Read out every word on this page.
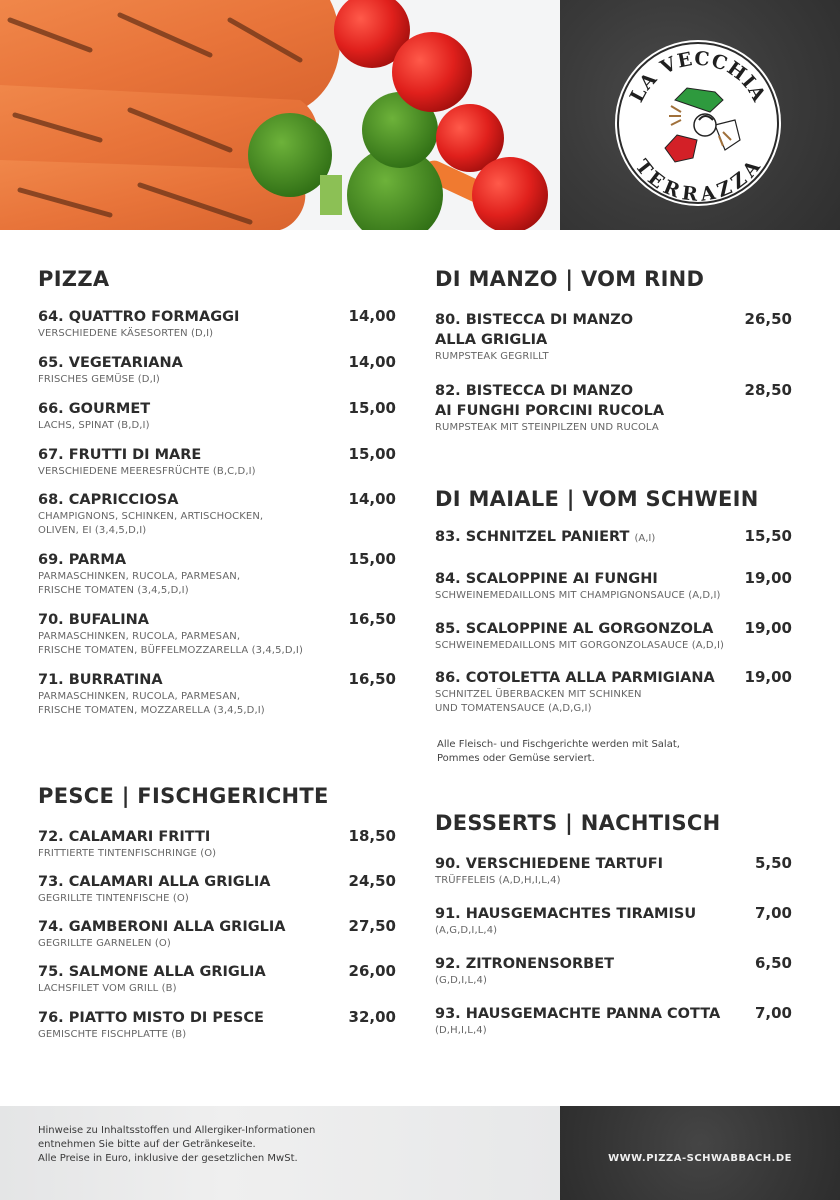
LA VECCHIA
TERRAZZA
PIZZA
64. QUATTRO FORMAGGI
VERSCHIEDENE KÄSESORTEN (D,I)
14,00
65. VEGETARIANA
FRISCHES GEMÜSE (D,I)
14,00
66. GOURMET
LACHS, SPINAT (B,D,I)
15,00
67. FRUTTI DI MARE
VERSCHIEDENE MEERESFRÜCHTE (B,C,D,I)
15,00
68. CAPRICCIOSA
CHAMPIGNONS, SCHINKEN, ARTISCHOCKEN,
OLIVEN, EI (3,4,5,D,I)
14,00
69. PARMA
PARMASCHINKEN, RUCOLA, PARMESAN,
FRISCHE TOMATEN (3,4,5,D,I)
15,00
70. BUFALINA
PARMASCHINKEN, RUCOLA, PARMESAN,
FRISCHE TOMATEN, BÜFFELMOZZARELLA (3,4,5,D,I)
16,50
71. BURRATINA
PARMASCHINKEN, RUCOLA, PARMESAN,
FRISCHE TOMATEN, MOZZARELLA (3,4,5,D,I)
16,50
PESCE | FISCHGERICHTE
72. CALAMARI FRITTI
FRITTIERTE TINTENFISCHRINGE (O)
18,50
73. CALAMARI ALLA GRIGLIA
GEGRILLTE TINTENFISCHE (O)
24,50
74. GAMBERONI ALLA GRIGLIA
GEGRILLTE GARNELEN (O)
27,50
75. SALMONE ALLA GRIGLIA
LACHSFILET VOM GRILL (B)
26,00
76. PIATTO MISTO DI PESCE
GEMISCHTE FISCHPLATTE (B)
32,00
DI MANZO | VOM RIND
80. BISTECCA DI MANZO
ALLA GRIGLIA
RUMPSTEAK GEGRILLT
26,50
82. BISTECCA DI MANZO
AI FUNGHI PORCINI RUCOLA
RUMPSTEAK MIT STEINPILZEN UND RUCOLA
28,50
DI MAIALE | VOM SCHWEIN
83. SCHNITZEL PANIERT (A,I)	15,50
84. SCALOPPINE AI FUNGHI
SCHWEINEMEDAILLONS MIT CHAMPIGNONSAUCE (A,D,I)
19,00
85. SCALOPPINE AL GORGONZOLA
SCHWEINEMEDAILLONS MIT GORGONZOLASAUCE (A,D,I)
19,00
86. COTOLETTA ALLA PARMIGIANA
SCHNITZEL ÜBERBACKEN MIT SCHINKEN
UND TOMATENSAUCE (A,D,G,I)
19,00
Alle Fleisch- und Fischgerichte werden mit Salat,
Pommes oder Gemüse serviert.
DESSERTS | NACHTISCH
90. VERSCHIEDENE TARTUFI
TRÜFFELEIS (A,D,H,I,L,4)
5,50
91. HAUSGEMACHTES TIRAMISU
(A,G,D,I,L,4)
7,00
92. ZITRONENSORBET
(G,D,I,L,4)
6,50
93. HAUSGEMACHTE PANNA COTTA
(D,H,I,L,4)
7,00
Hinweise zu Inhaltsstoffen und Allergiker-Informationen
entnehmen Sie bitte auf der Getränkeseite.
Alle Preise in Euro, inklusive der gesetzlichen MwSt.	WWW.PIZZA-SCHWABBACH.DE
